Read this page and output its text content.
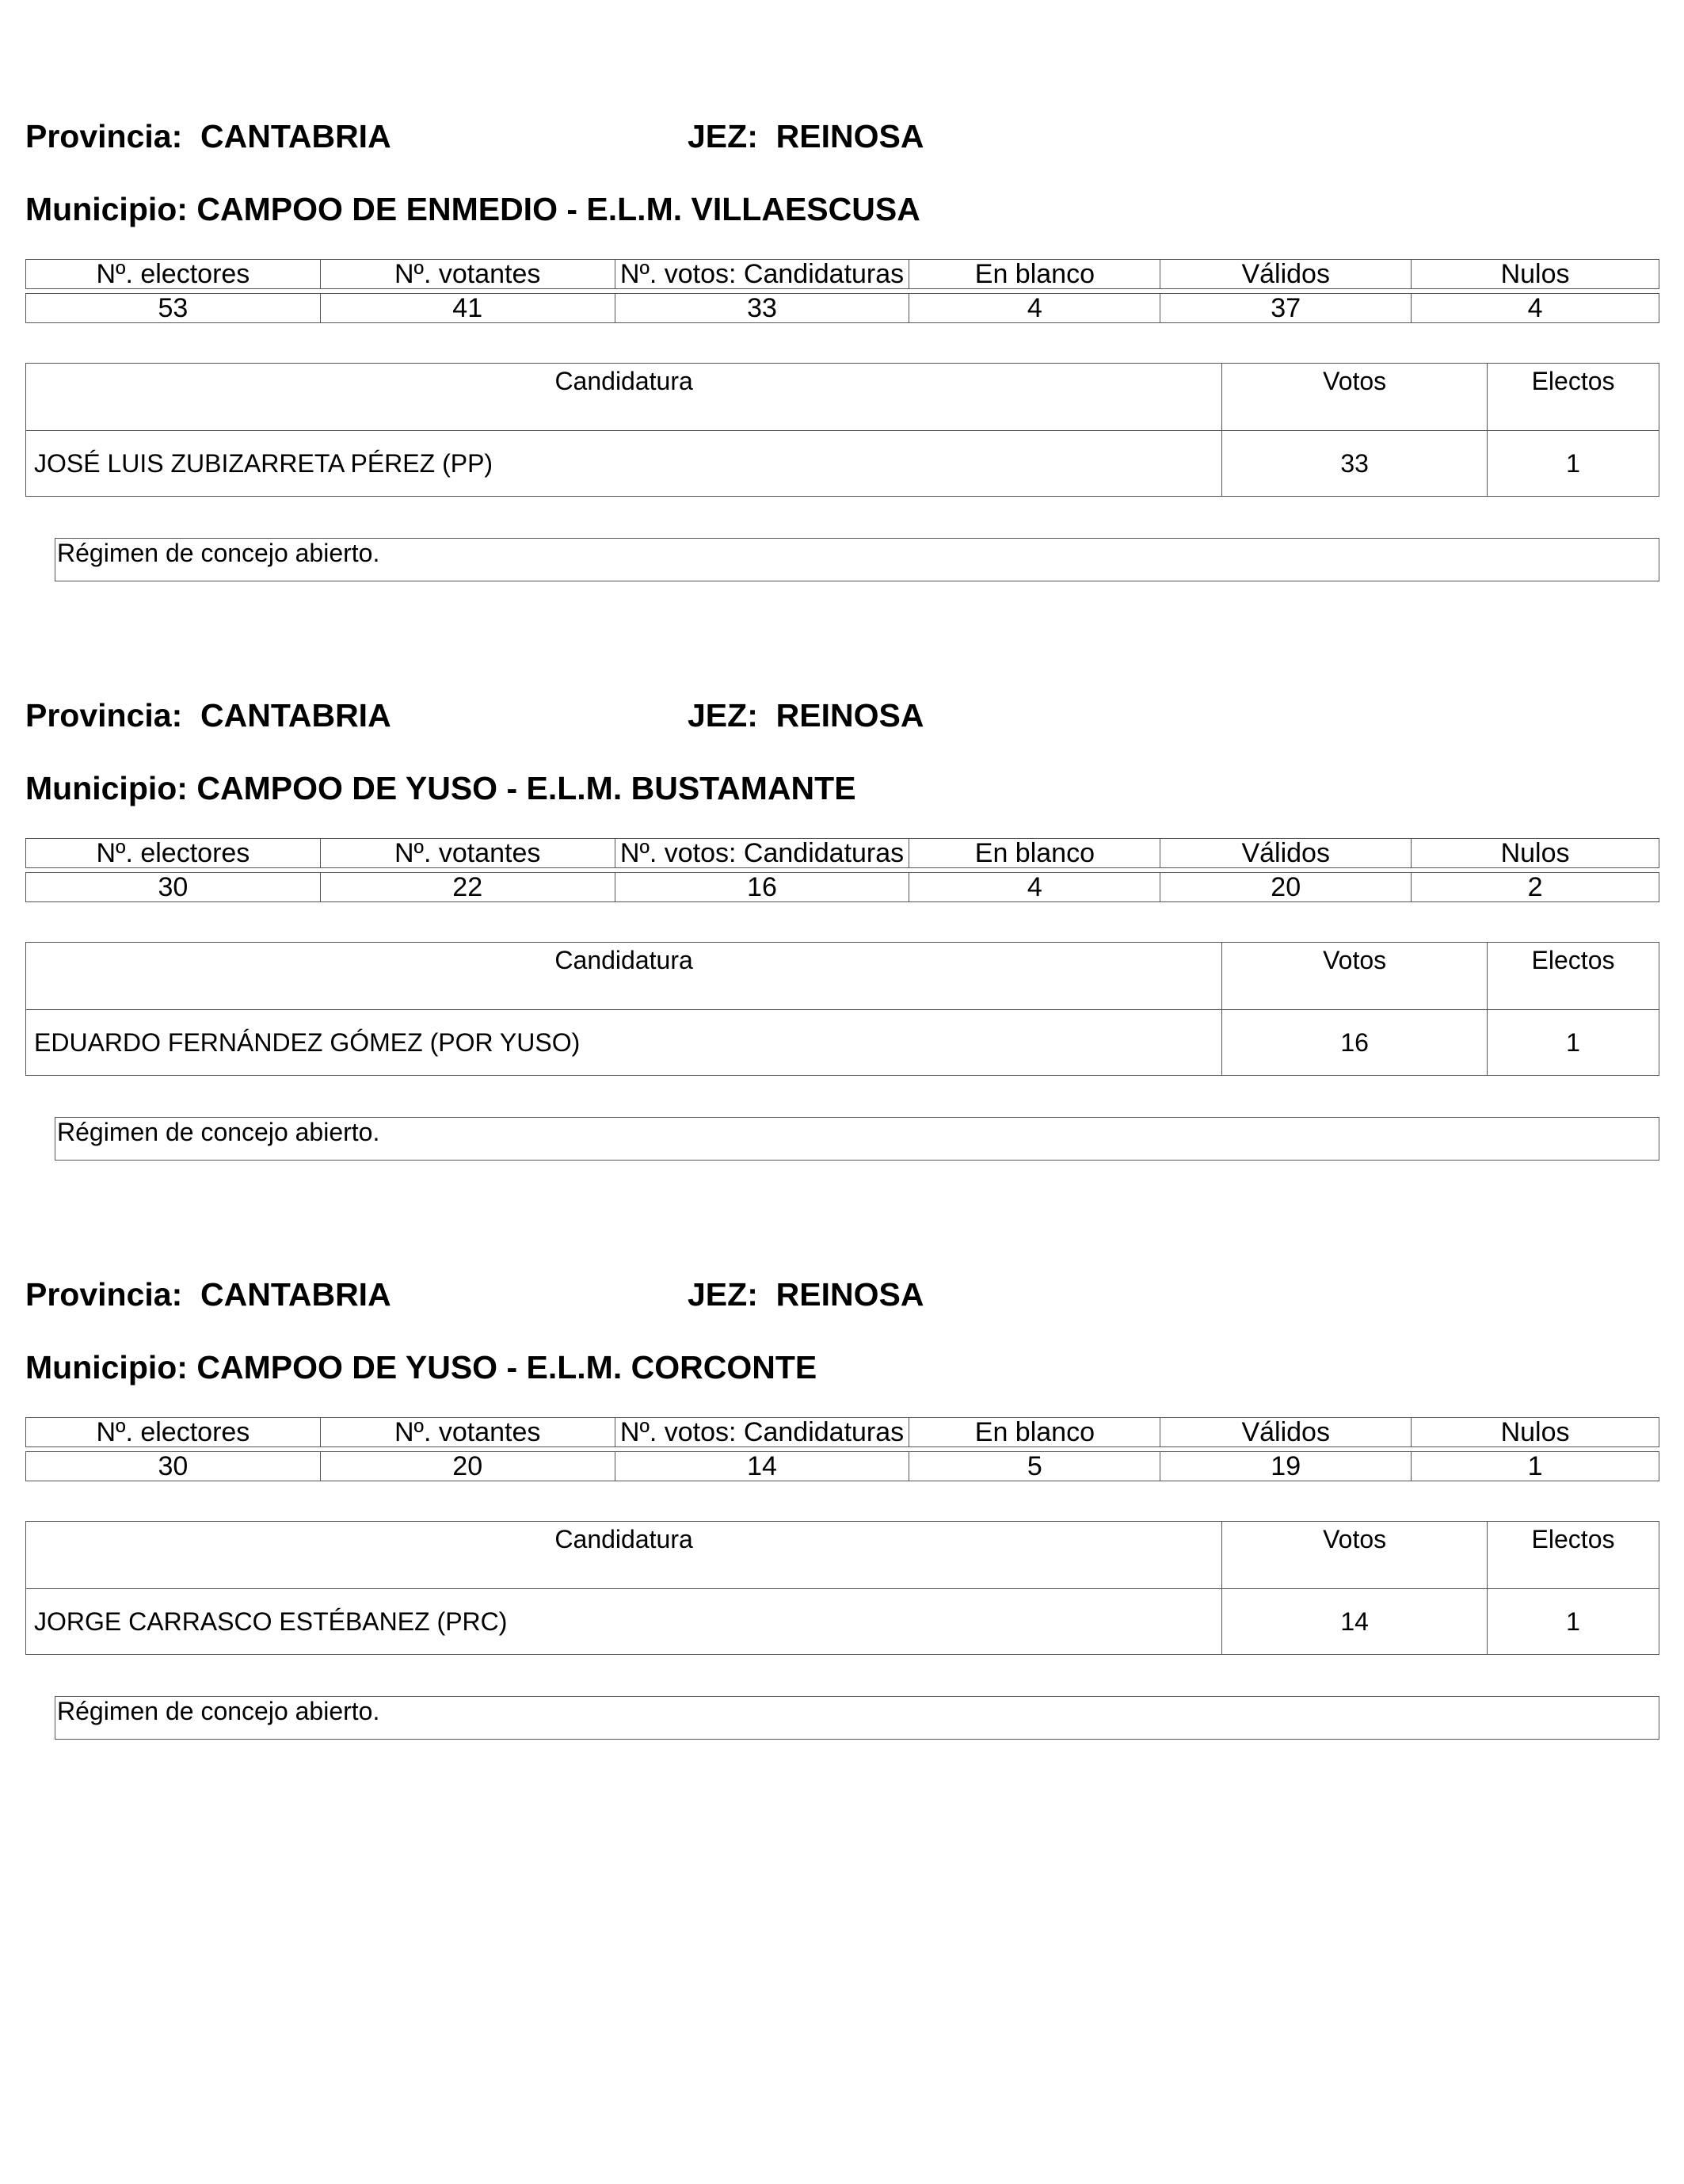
Provincia: CANTABRIA	JEZ: REINOSA
Municipio: CAMPOO DE ENMEDIO - E.L.M. VILLAESCUSA
Nº. electores	Nº. votantes	Nº. votos: Candidaturas	En blanco	Válidos	Nulos

53	41	33	4	37	4
Candidatura	Votos	Electos
JOSÉ LUIS ZUBIZARRETA PÉREZ (PP)	33	1
Régimen de concejo abierto.
Provincia: CANTABRIA	JEZ: REINOSA
Municipio: CAMPOO DE YUSO - E.L.M. BUSTAMANTE
Nº. electores	Nº. votantes	Nº. votos: Candidaturas	En blanco	Válidos	Nulos

30	22	16	4	20	2
Candidatura	Votos	Electos
EDUARDO FERNÁNDEZ GÓMEZ (POR YUSO)	16	1
Régimen de concejo abierto.
Provincia: CANTABRIA	JEZ: REINOSA
Municipio: CAMPOO DE YUSO - E.L.M. CORCONTE
Nº. electores	Nº. votantes	Nº. votos: Candidaturas	En blanco	Válidos	Nulos

30	20	14	5	19	1
Candidatura	Votos	Electos
JORGE CARRASCO ESTÉBANEZ (PRC)	14	1
Régimen de concejo abierto.
